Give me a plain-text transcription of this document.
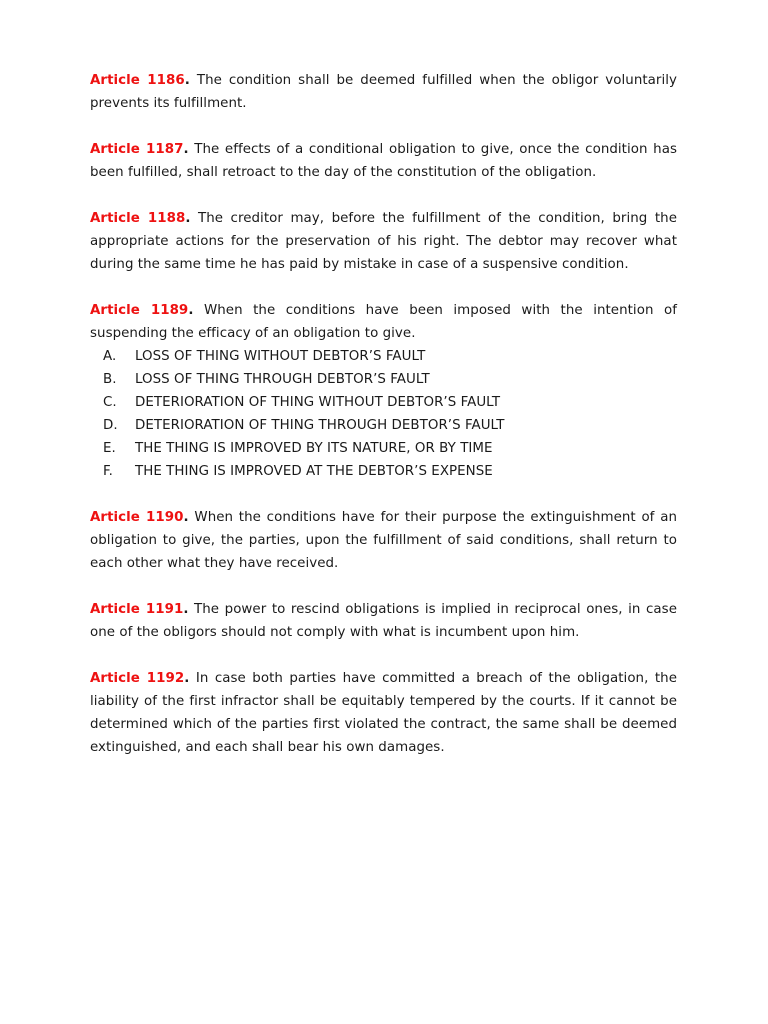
Article 1186. The condition shall be deemed fulfilled when the obligor voluntarily prevents its fulfillment.

Article 1187. The effects of a conditional obligation to give, once the condition has been fulfilled, shall retroact to the day of the constitution of the obligation.

Article 1188. The creditor may, before the fulfillment of the condition, bring the appropriate actions for the preservation of his right. The debtor may recover what during the same time he has paid by mistake in case of a suspensive condition.

Article 1189. When the conditions have been imposed with the intention of suspending the efficacy of an obligation to give.
A.	LOSS OF THING WITHOUT DEBTOR’S FAULT
B.	LOSS OF THING THROUGH DEBTOR’S FAULT
C.	DETERIORATION OF THING WITHOUT DEBTOR’S FAULT
D.	DETERIORATION OF THING THROUGH DEBTOR’S FAULT
E.	THE THING IS IMPROVED BY ITS NATURE, OR BY TIME
F.	THE THING IS IMPROVED AT THE DEBTOR’S EXPENSE

Article 1190. When the conditions have for their purpose the extinguishment of an obligation to give, the parties, upon the fulfillment of said conditions, shall return to each other what they have received.

Article 1191. The power to rescind obligations is implied in reciprocal ones, in case one of the obligors should not comply with what is incumbent upon him.

Article 1192. In case both parties have committed a breach of the obligation, the liability of the first infractor shall be equitably tempered by the courts. If it cannot be determined which of the parties first violated the contract, the same shall be deemed extinguished, and each shall bear his own damages.
